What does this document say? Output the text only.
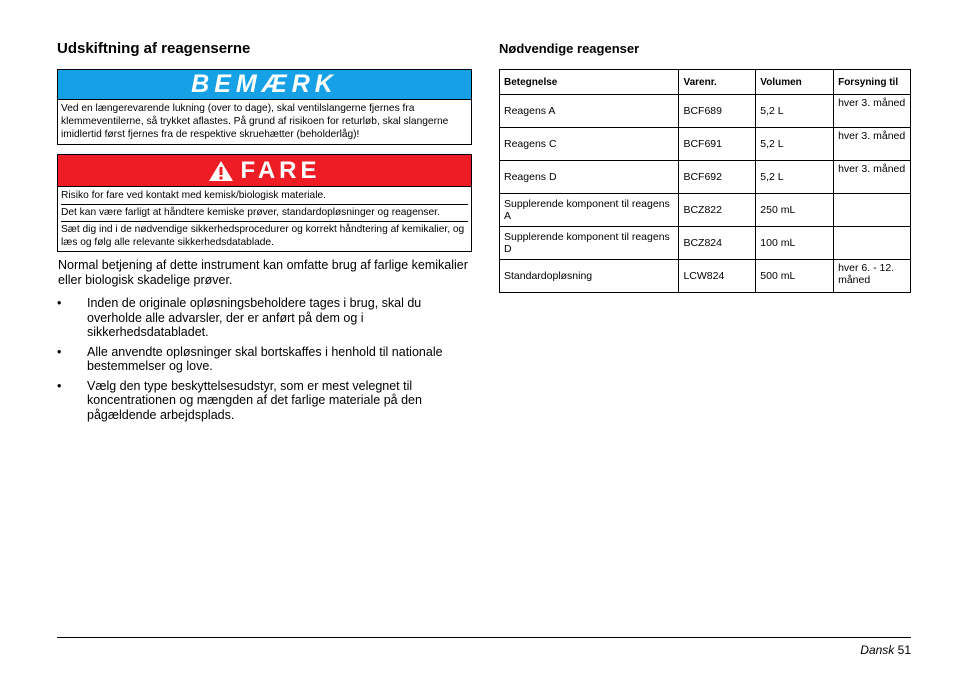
Udskiftning af reagenserne
BEMÆRK
Ved en længerevarende lukning (over to dage), skal ventilslangerne fjernes fra klemmeventilerne, så trykket aflastes. På grund af risikoen for returløb, skal slangerne imidlertid først fjernes fra de respektive skruehætter (beholderlåg)!
FARE

Risiko for fare ved kontakt med kemisk/biologisk materiale.

Det kan være farligt at håndtere kemiske prøver, standardopløsninger og reagenser.

Sæt dig ind i de nødvendige sikkerhedsprocedurer og korrekt håndtering af kemikalier, og læs og følg alle relevante sikkerhedsdatablade.

Normal betjening af dette instrument kan omfatte brug af farlige kemikalier eller biologisk skadelige prøver.

• Inden de originale opløsningsbeholdere tages i brug, skal du overholde alle advarsler, der er anført på dem og i sikkerhedsdatabladet.
• Alle anvendte opløsninger skal bortskaffes i henhold til nationale bestemmelser og love.
• Vælg den type beskyttelsesudstyr, som er mest velegnet til koncentrationen og mængden af det farlige materiale på den pågældende arbejdsplads.
Nødvendige reagenser
Betegnelse	Varenr.	Volumen	Forsyning til
Reagens A	BCF689	5,2 L	hver 3. måned
Reagens C	BCF691	5,2 L	hver 3. måned
Reagens D	BCF692	5,2 L	hver 3. måned
Supplerende komponent til reagens A	BCZ822	250 mL	
Supplerende komponent til reagens D	BCZ824	100 mL	
Standardopløsning	LCW824	500 mL	hver 6. - 12. måned
Dansk 51
